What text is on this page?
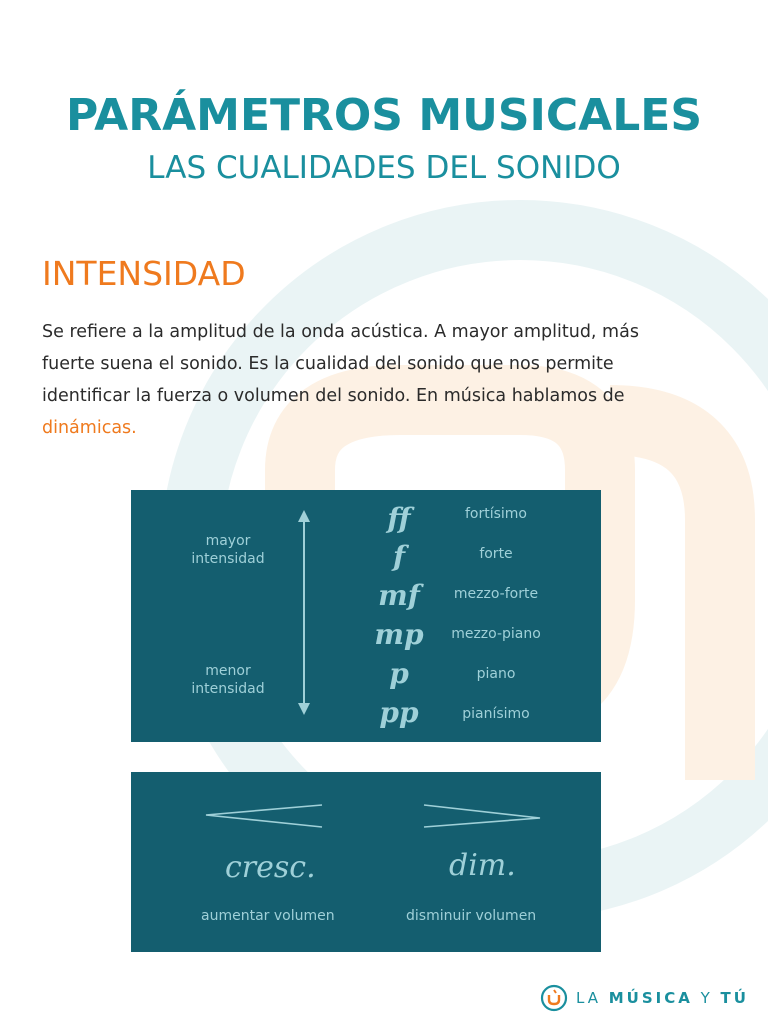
PARÁMETROS MUSICALES
LAS CUALIDADES DEL SONIDO
INTENSIDAD
Se refiere a la amplitud de la onda acústica. A mayor amplitud, más
fuerte suena el sonido. Es la cualidad del sonido que nos permite
identificar la fuerza o volumen del sonido. En música hablamos de
dinámicas.
mayor
intensidad
menor
intensidad
ff
f
mf
mp
p
pp
fortísimo
forte
mezzo-forte
mezzo-piano
piano
pianísimo
cresc.	dim.
aumentar volumen	disminuir volumen
LA MÚSICA Y TÚ
